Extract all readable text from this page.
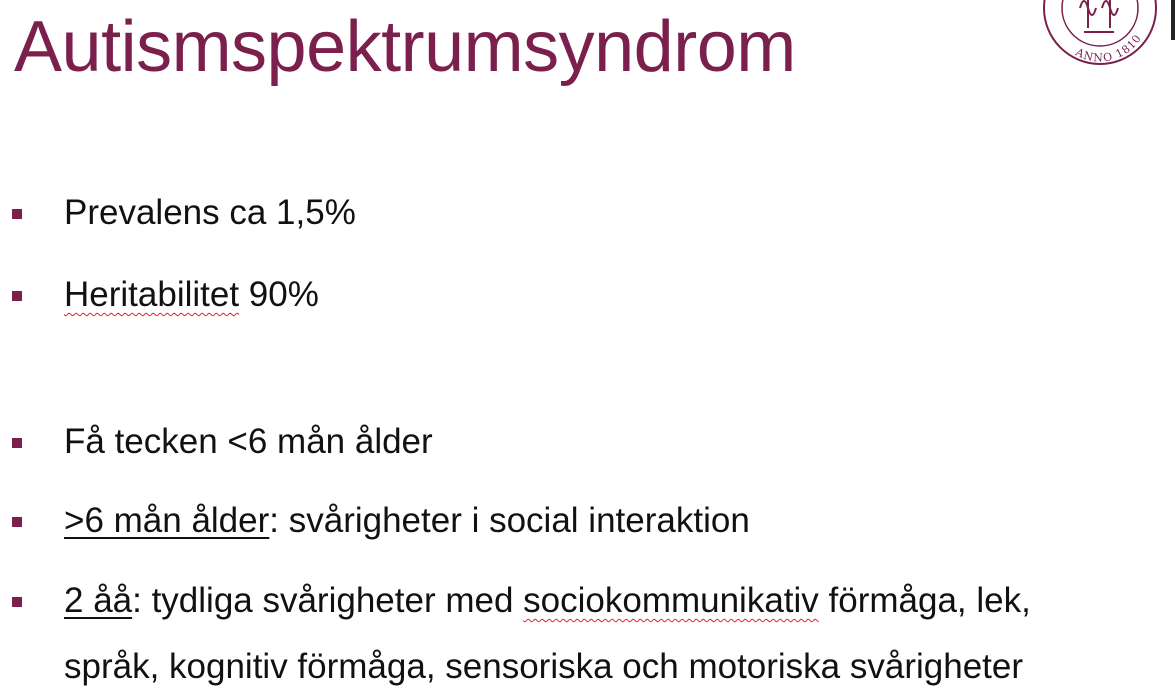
Autismspektrumsyndrom	ANNO 1810
Prevalens ca 1,5%
Heritabilitet 90%
Få tecken <6 mån ålder
>6 mån ålder: svårigheter i social interaktion
2 åå: tydliga svårigheter med sociokommunikativ förmåga, lek,
språk, kognitiv förmåga, sensoriska och motoriska svårigheter
